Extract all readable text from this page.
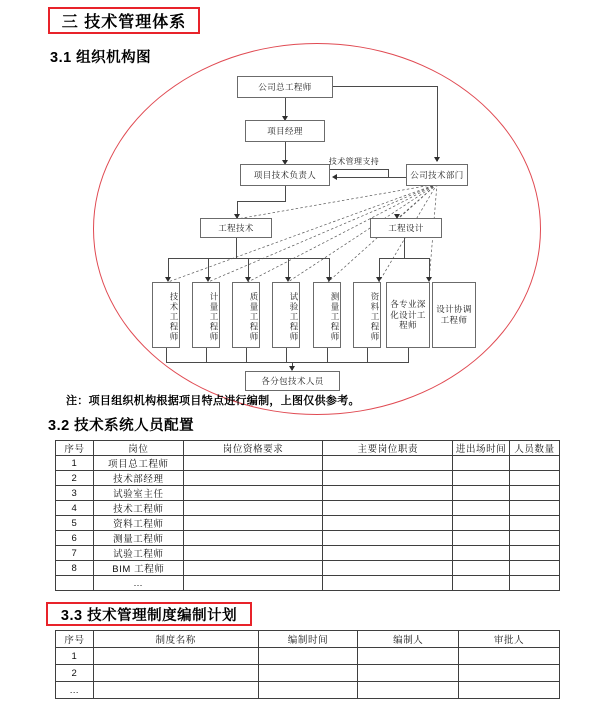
三 技术管理体系
3.1 组织机构图
公司总工程师
项目经理
项目技术负责人
技术管理支持
公司技术部门
工程技术	工程设计
技术工程师	计量工程师	质量工程师	试验工程师	测量工程师	资料工程师	各专业深化设计工程师
设计协调工程师
各分包技术人员
注：项目组织机构根据项目特点进行编制，上图仅供参考。
3.2 技术系统人员配置
序号	岗位	岗位资格要求	主要岗位职责	进出场时间	人员数量
1	项目总工程师				
2	技术部经理				
3	试验室主任				
4	技术工程师				
5	资料工程师				
6	测量工程师				
7	试验工程师				
8	BIM 工程师				
	…				
3.3 技术管理制度编制计划
序号	制度名称	编制时间	编制人	审批人
1				
2				
…				
